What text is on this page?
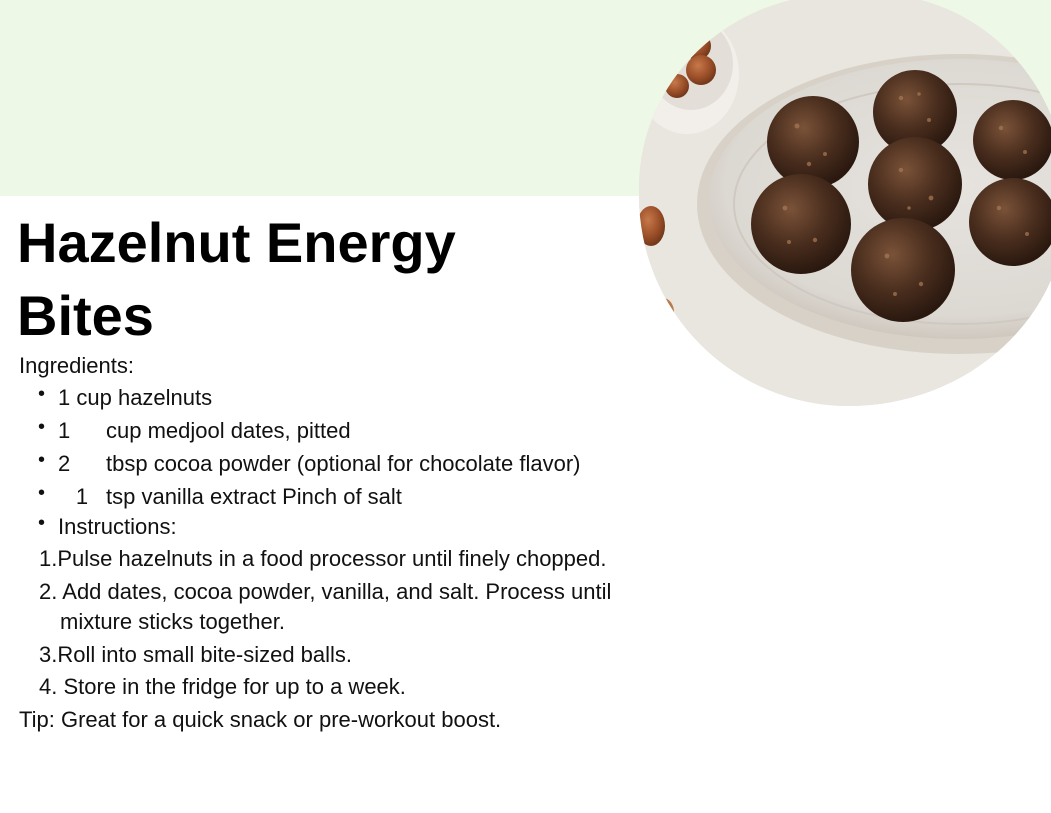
Hazelnut Energy Bites
Ingredients:
• 1 cup hazelnuts
• 1 cup medjool dates, pitted
• 2 tbsp cocoa powder (optional for chocolate flavor)
• 1 tsp vanilla extract Pinch of salt
• Instructions:
1.Pulse hazelnuts in a food processor until finely chopped.
2. Add dates, cocoa powder, vanilla, and salt. Process until
mixture sticks together.
3.Roll into small bite-sized balls.
4. Store in the fridge for up to a week.
Tip: Great for a quick snack or pre-workout boost.
